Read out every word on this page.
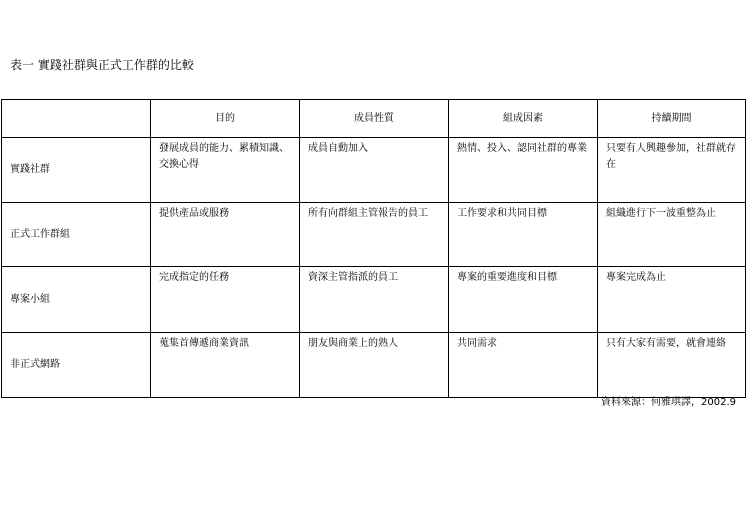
表一 實踐社群與正式工作群的比較
	目的	成員性質	組成因素	持續期間
實踐社群	發展成員的能力、累積知識、交換心得	成員自動加入	熱情、投入、認同社群的專業	只要有人興趣參加，社群就存在
正式工作群組	提供產品或服務	所有向群組主管報告的員工	工作要求和共同目標	組織進行下一波重整為止
專案小組	完成指定的任務	資深主管指派的員工	專案的重要進度和目標	專案完成為止
非正式網路	蒐集首傳遞商業資訊	朋友與商業上的熟人	共同需求	只有大家有需要，就會連絡
資料來源：何雅琪譯，2002.9
